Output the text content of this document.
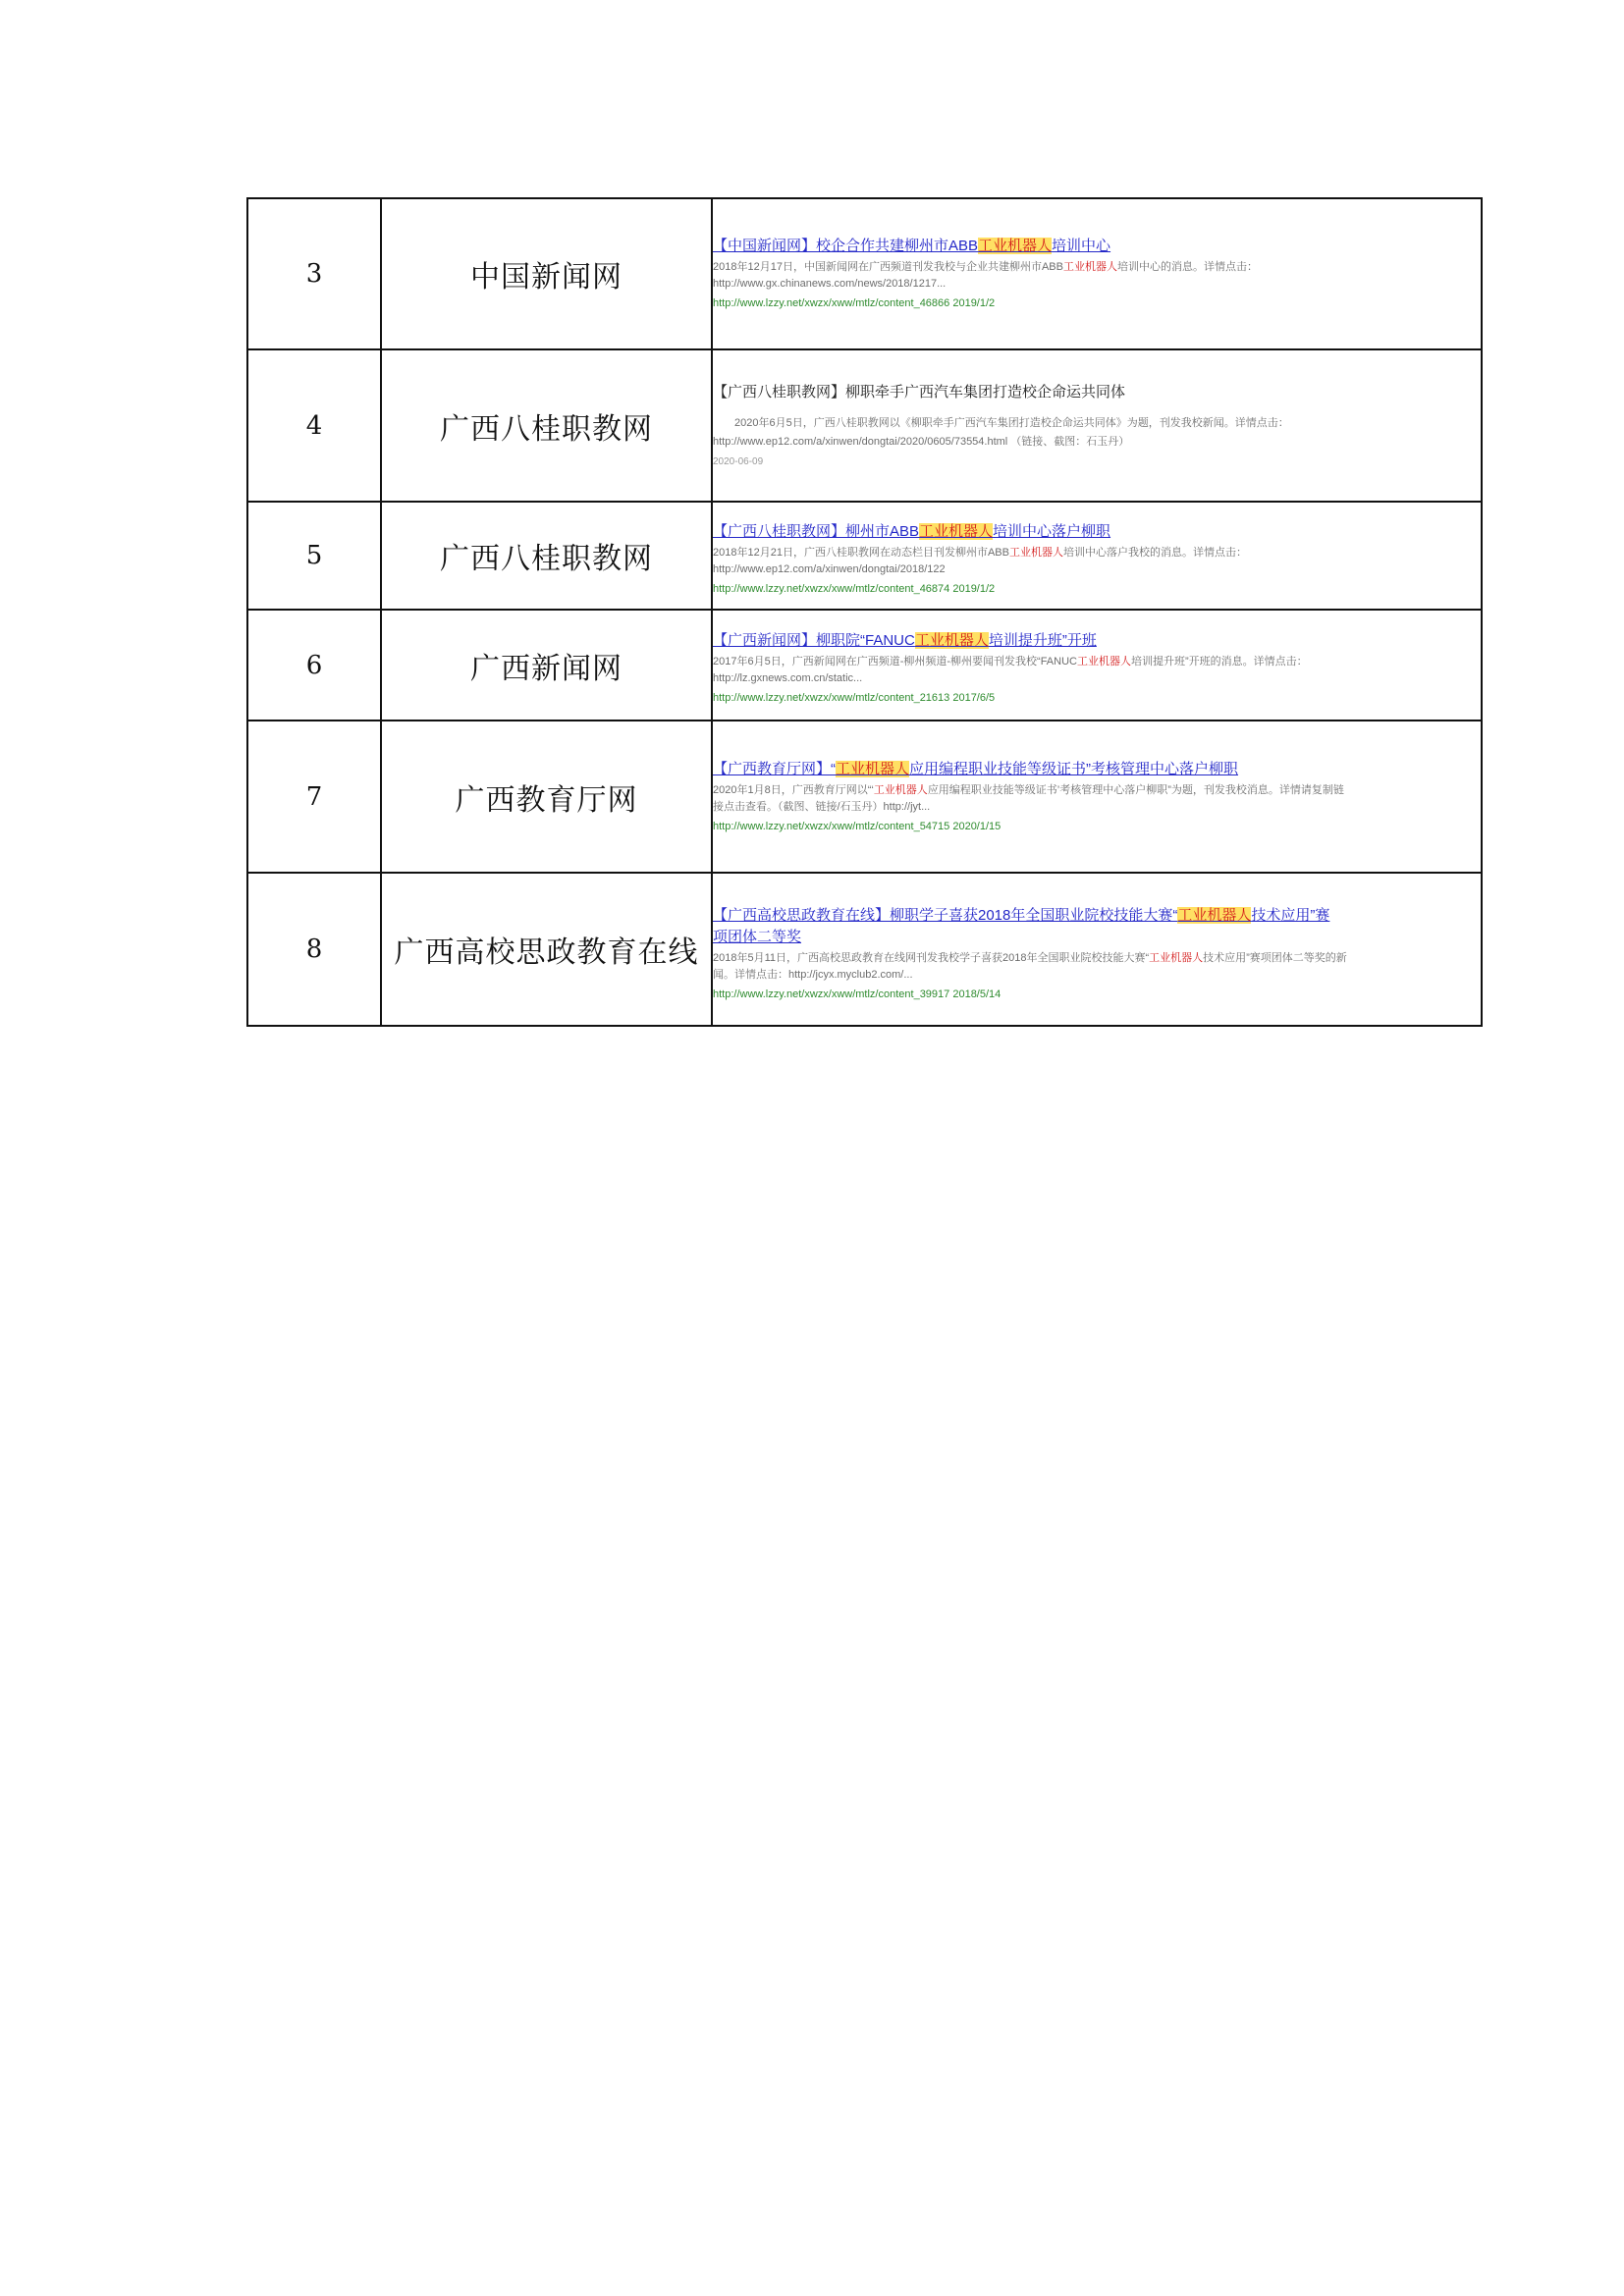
3	中国新闻网	【中国新闻网】校企合作共建柳州市ABB工业机器人培训中心
2018年12月17日，中国新闻网在广西频道刊发我校与企业共建柳州市ABB工业机器人培训中心的消息。详情点击：
http://www.gx.chinanews.com/news/2018/1217...
http://www.lzzy.net/xwzx/xww/mtlz/content_46866 2019/1/2

4	广西八桂职教网	【广西八桂职教网】柳职牵手广西汽车集团打造校企命运共同体
2020年6月5日，广西八桂职教网以《柳职牵手广西汽车集团打造校企命运共同体》为题，刊发我校新闻。详情点击：
http://www.ep12.com/a/xinwen/dongtai/2020/0605/73554.html （链接、截图：石玉丹）
2020-06-09

5	广西八桂职教网	【广西八桂职教网】柳州市ABB工业机器人培训中心落户柳职
2018年12月21日，广西八桂职教网在动态栏目刊发柳州市ABB工业机器人培训中心落户我校的消息。详情点击：
http://www.ep12.com/a/xinwen/dongtai/2018/122
http://www.lzzy.net/xwzx/xww/mtlz/content_46874 2019/1/2

6	广西新闻网	【广西新闻网】柳职院“FANUC工业机器人培训提升班”开班
2017年6月5日，广西新闻网在广西频道-柳州频道-柳州要闻刊发我校“FANUC工业机器人培训提升班”开班的消息。详情点击：
http://lz.gxnews.com.cn/static...
http://www.lzzy.net/xwzx/xww/mtlz/content_21613 2017/6/5

7	广西教育厅网	【广西教育厅网】“工业机器人应用编程职业技能等级证书”考核管理中心落户柳职
2020年1月8日，广西教育厅网以“‘工业机器人应用编程职业技能等级证书’考核管理中心落户柳职”为题，刊发我校消息。详情请复制链
接点击查看。（截图、链接/石玉丹）http://jyt...
http://www.lzzy.net/xwzx/xww/mtlz/content_54715 2020/1/15

8	广西高校思政教育在线	【广西高校思政教育在线】柳职学子喜获2018年全国职业院校技能大赛“工业机器人技术应用”赛
项团体二等奖
2018年5月11日，广西高校思政教育在线网刊发我校学子喜获2018年全国职业院校技能大赛“工业机器人技术应用”赛项团体二等奖的新
闻。详情点击：http://jcyx.myclub2.com/...
http://www.lzzy.net/xwzx/xww/mtlz/content_39917 2018/5/14
